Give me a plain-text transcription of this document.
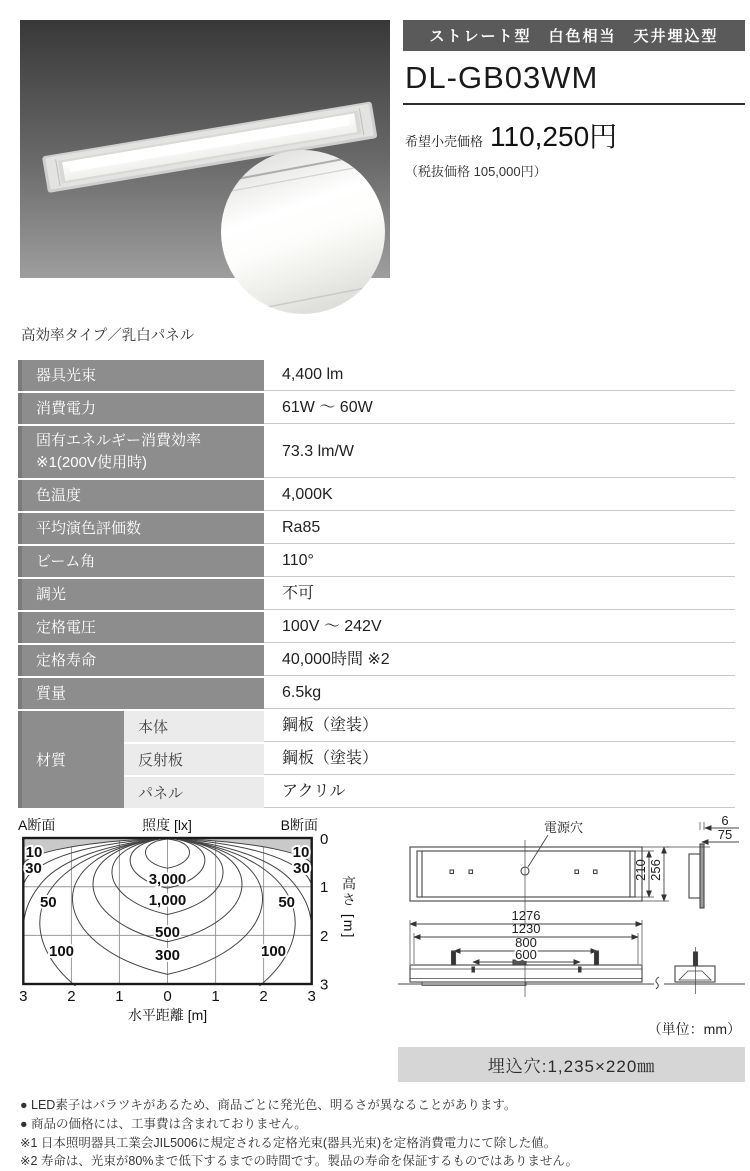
ストレート型　白色相当　天井埋込型
DL-GB03WM
希望小売価格 110,250円
（税抜価格 105,000円）
高効率タイプ／乳白パネル
器具光束		4,400 lm
消費電力		61W ～ 60W
固有エネルギー消費効率
※1(200V使用時)		73.3 lm/W
色温度		4,000K
平均演色評価数		Ra85
ビーム角		110°
調光		不可
定格電圧		100V ～ 242V
定格寿命		40,000時間 ※2
質量		6.5kg
材質	本体	鋼板（塗装）
	反射板	鋼板（塗装）
	パネル	アクリル
A断面	照度 [lx]	B断面
3,000
1,000
500
300
100	100
50	50
30	30
10	10
3	2	1	0	1	2	3
0
1
2
3
水平距離 [m]
高さ [m]
電源穴
210 256
6
75
1276
1230
800
600
（単位：mm）
埋込穴:1,235×220㎜
● LED素子はバラツキがあるため、商品ごとに発光色、明るさが異なることがあります。
● 商品の価格には、工事費は含まれておりません。
※1 日本照明器具工業会JIL5006に規定される定格光束(器具光束)を定格消費電力にて除した値。
※2 寿命は、光束が80%まで低下するまでの時間です。製品の寿命を保証するものではありません。
